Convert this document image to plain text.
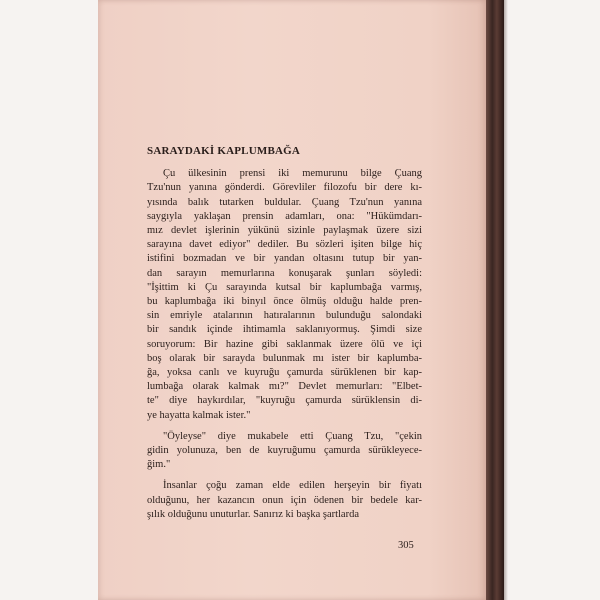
SARAYDAKİ KAPLUMBAĞA
Çu ülkesinin prensi iki memurunu bilge Çuang
Tzu'nun yanına gönderdi. Görevliler filozofu bir dere kı-
yısında balık tutarken buldular. Çuang Tzu'nun yanına
saygıyla yaklaşan prensin adamları, ona: "Hükümdarı-
mız devlet işlerinin yükünü sizinle paylaşmak üzere sizi
sarayına davet ediyor" dediler. Bu sözleri işiten bilge hiç
istifini bozmadan ve bir yandan oltasını tutup bir yan-
dan sarayın memurlarına konuşarak şunları söyledi:
"İşittim ki Çu sarayında kutsal bir kaplumbağa varmış,
bu kaplumbağa iki binyıl önce ölmüş olduğu halde pren-
sin emriyle atalarının hatıralarının bulunduğu salondaki
bir sandık içinde ihtimamla saklanıyormuş. Şimdi size
soruyorum: Bir hazine gibi saklanmak üzere ölü ve içi
boş olarak bir sarayda bulunmak mı ister bir kaplumba-
ğa, yoksa canlı ve kuyruğu çamurda sürüklenen bir kap-
lumbağa olarak kalmak mı?" Devlet memurları: "Elbet-
te" diye haykırdılar, "kuyruğu çamurda sürüklensin di-
ye hayatta kalmak ister."
"Öyleyse" diye mukabele etti Çuang Tzu, "çekin
gidin yolunuza, ben de kuyruğumu çamurda sürükleyece-
ğim."
İnsanlar çoğu zaman elde edilen herşeyin bir fiyatı
olduğunu, her kazancın onun için ödenen bir bedele kar-
şılık olduğunu unuturlar. Sanırız ki başka şartlarda
305
